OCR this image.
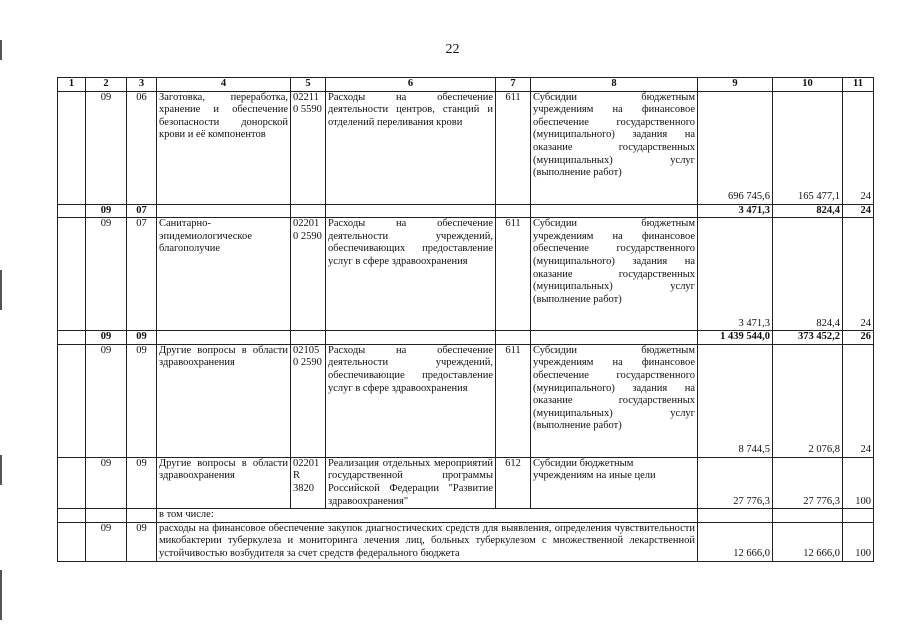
22
1	2	3	4	5	6	7	8	9	10	11
	09	06	Заготовка, переработка, хранение и обеспечение безопасности донорской крови и её компонентов	022110 5590	Расходы на обеспечение деятельности центров, станций и отделений переливания крови	611	Субсидии бюджетным учреждениям на финансовое обеспечение государственного (муниципального) задания на оказание государственных (муниципальных) услуг (выполнение работ)	696 745,6	165 477,1	24
	09	07						3 471,3	824,4	24
	09	07	Санитарно-эпидемиологическое благополучие	022010 2590	Расходы на обеспечение деятельности учреждений, обеспечивающих предоставление услуг в сфере здравоохранения	611	Субсидии бюджетным учреждениям на финансовое обеспечение государственного (муниципального) задания на оказание государственных (муниципальных) услуг (выполнение работ)	3 471,3	824,4	24
	09	09						1 439 544,0	373 452,2	26
	09	09	Другие вопросы в области здравоохранения	021050 2590	Расходы на обеспечение деятельности учреждений, обеспечивающие предоставление услуг в сфере здравоохранения	611	Субсидии бюджетным учреждениям на финансовое обеспечение государственного (муниципального) задания на оказание государственных (муниципальных) услуг (выполнение работ)	8 744,5	2 076,8	24
	09	09	Другие вопросы в области здравоохранения	02201R 3820	Реализация отдельных мероприятий государственной программы Российской Федерации "Развитие здравоохранения"	612	Субсидии бюджетным учреждениям на иные цели	27 776,3	27 776,3	100
			в том числе:							
	09	09	расходы на финансовое обеспечение закупок диагностических средств для выявления, определения чувствительности микобактерии туберкулеза и мониторинга лечения лиц, больных туберкулезом с множественной лекарственной устойчивостью возбудителя за счет средств федерального бюджета					12 666,0	12 666,0	100
